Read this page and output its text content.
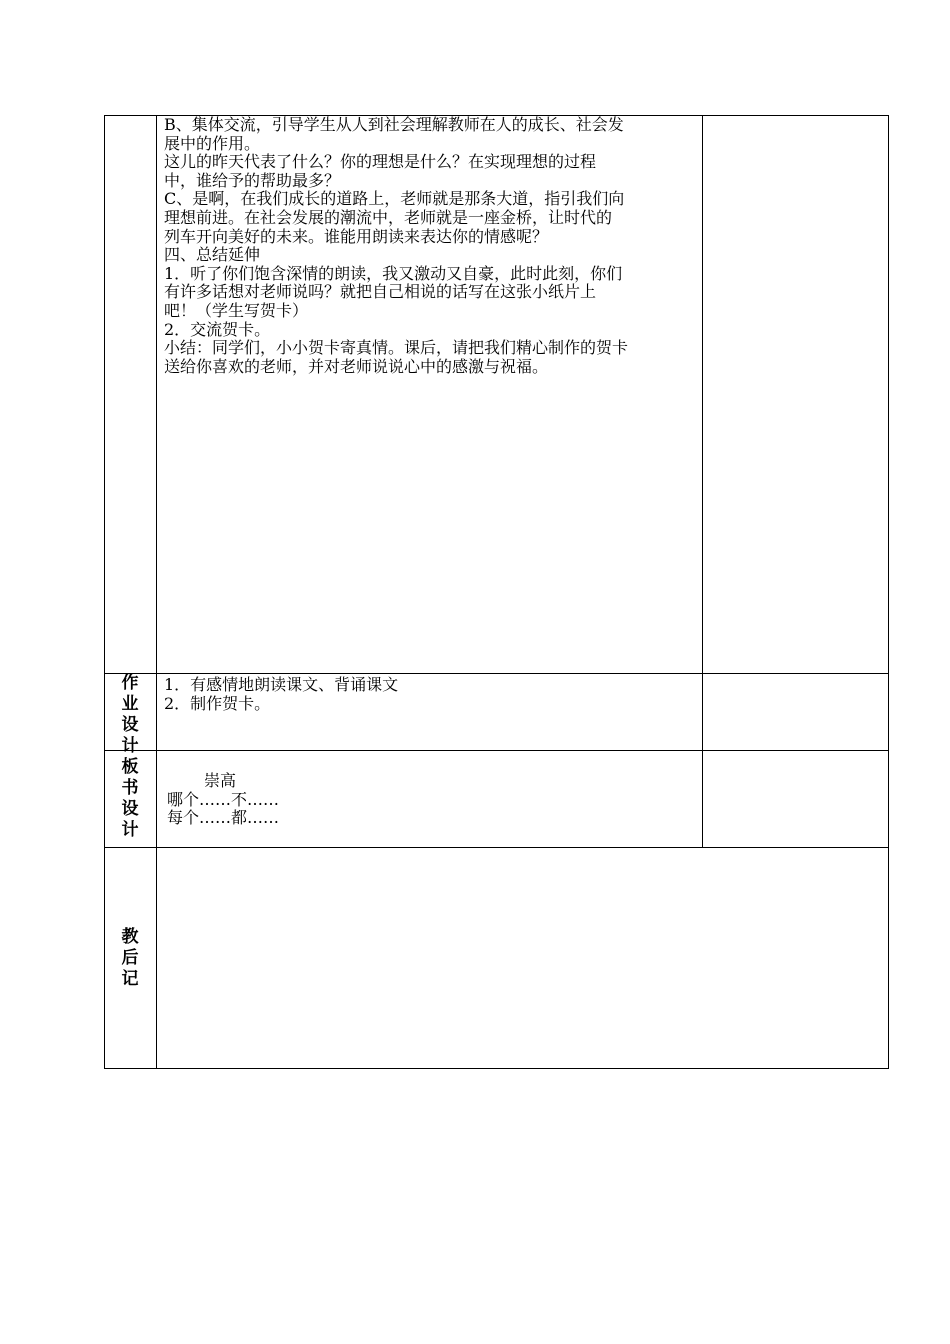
B、集体交流，引导学生从人到社会理解教师在人的成长、社会发
展中的作用。
这儿的昨天代表了什么？你的理想是什么？在实现理想的过程
中，谁给予的帮助最多？
C、是啊，在我们成长的道路上，老师就是那条大道，指引我们向
理想前进。在社会发展的潮流中，老师就是一座金桥，让时代的
列车开向美好的未来。谁能用朗读来表达你的情感呢？
四、总结延伸
1．听了你们饱含深情的朗读，我又激动又自豪，此时此刻，你们
有许多话想对老师说吗？就把自己相说的话写在这张小纸片上
吧！（学生写贺卡）
2．交流贺卡。
小结：同学们，小小贺卡寄真情。课后，请把我们精心制作的贺卡
送给你喜欢的老师，并对老师说说心中的感激与祝福。
作
业
设
计
1．有感情地朗读课文、背诵课文
2．制作贺卡。
板
书
设
计
崇高
哪个……不……
每个……都……
教
后
记
